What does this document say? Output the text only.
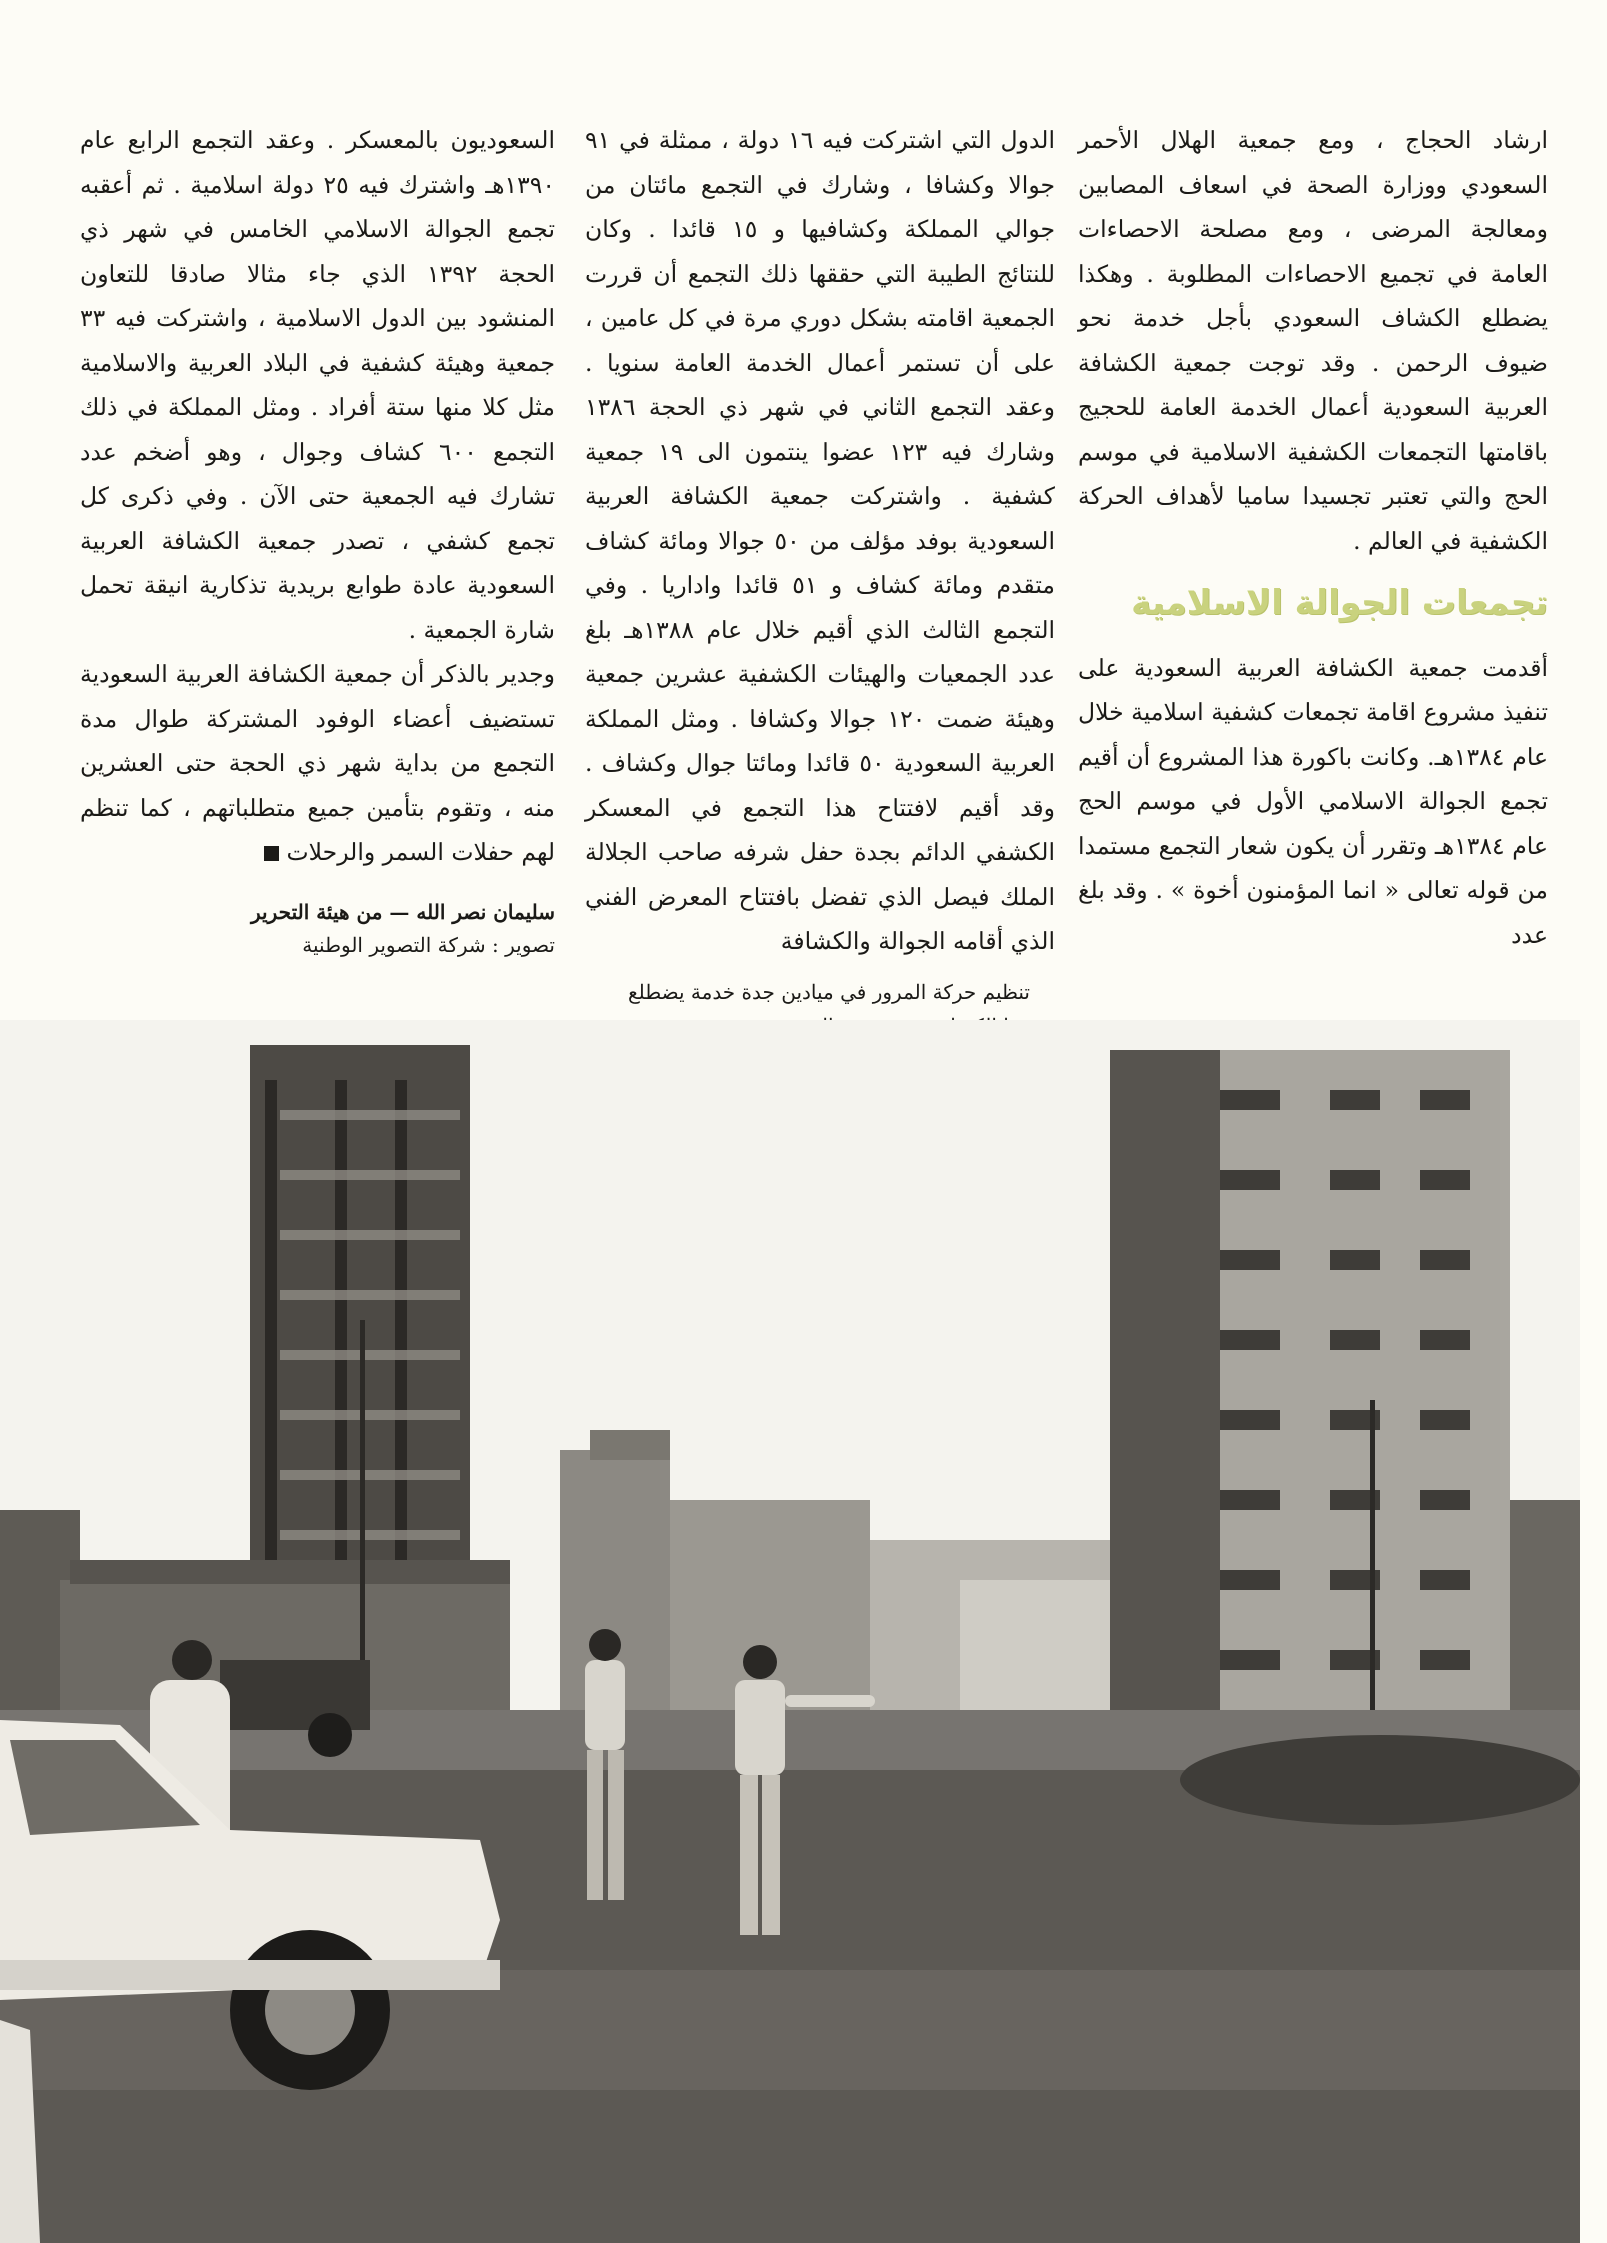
ارشاد الحجاج ، ومع جمعية الهلال الأحمر السعودي ووزارة الصحة في اسعاف المصابين ومعالجة المرضى ، ومع مصلحة الاحصاءات العامة في تجميع الاحصاءات المطلوبة . وهكذا يضطلع الكشاف السعودي بأجل خدمة نحو ضيوف الرحمن . وقد توجت جمعية الكشافة العربية السعودية أعمال الخدمة العامة للحجيج باقامتها التجمعات الكشفية الاسلامية في موسم الحج والتي تعتبر تجسيدا ساميا لأهداف الحركة الكشفية في العالم .

تجمعات الجوالة الاسلامية

أقدمت جمعية الكشافة العربية السعودية على تنفيذ مشروع اقامة تجمعات كشفية اسلامية خلال عام ١٣٨٤هـ. وكانت باكورة هذا المشروع أن أقيم تجمع الجوالة الاسلامي الأول في موسم الحج عام ١٣٨٤هـ وتقرر أن يكون شعار التجمع مستمدا من قوله تعالى « انما المؤمنون أخوة » . وقد بلغ عدد

الدول التي اشتركت فيه ١٦ دولة ، ممثلة في ٩١ جوالا وكشافا ، وشارك في التجمع مائتان من جوالي المملكة وكشافيها و ١٥ قائدا . وكان للنتائج الطيبة التي حققها ذلك التجمع أن قررت الجمعية اقامته بشكل دوري مرة في كل عامين ، على أن تستمر أعمال الخدمة العامة سنويا . وعقد التجمع الثاني في شهر ذي الحجة ١٣٨٦ وشارك فيه ١٢٣ عضوا ينتمون الى ١٩ جمعية كشفية . واشتركت جمعية الكشافة العربية السعودية بوفد مؤلف من ٥٠ جوالا ومائة كشاف متقدم ومائة كشاف و ٥١ قائدا واداريا . وفي التجمع الثالث الذي أقيم خلال عام ١٣٨٨هـ بلغ عدد الجمعيات والهيئات الكشفية عشرين جمعية وهيئة ضمت ١٢٠ جوالا وكشافا . ومثل المملكة العربية السعودية ٥٠ قائدا ومائتا جوال وكشاف . وقد أقيم لافتتاح هذا التجمع في المعسكر الكشفي الدائم بجدة حفل شرفه صاحب الجلالة الملك فيصل الذي تفضل بافتتاح المعرض الفني الذي أقامه الجوالة والكشافة

السعوديون بالمعسكر . وعقد التجمع الرابع عام ١٣٩٠هـ واشترك فيه ٢٥ دولة اسلامية . ثم أعقبه تجمع الجوالة الاسلامي الخامس في شهر ذي الحجة ١٣٩٢ الذي جاء مثالا صادقا للتعاون المنشود بين الدول الاسلامية ، واشتركت فيه ٣٣ جمعية وهيئة كشفية في البلاد العربية والاسلامية مثل كلا منها ستة أفراد . ومثل المملكة في ذلك التجمع ٦٠٠ كشاف وجوال ، وهو أضخم عدد تشارك فيه الجمعية حتى الآن . وفي ذكرى كل تجمع كشفي ، تصدر جمعية الكشافة العربية السعودية عادة طوابع بريدية تذكارية انيقة تحمل شارة الجمعية .

وجدير بالذكر أن جمعية الكشافة العربية السعودية تستضيف أعضاء الوفود المشتركة طوال مدة التجمع من بداية شهر ذي الحجة حتى العشرين منه ، وتقوم بتأمين جميع متطلباتهم ، كما تنظم لهم حفلات السمر والرحلات

سليمان نصر الله — من هيئة التحرير
تصوير : شركة التصوير الوطنية
تنظيم حركة المرور في ميادين جدة خدمة يضطلع
